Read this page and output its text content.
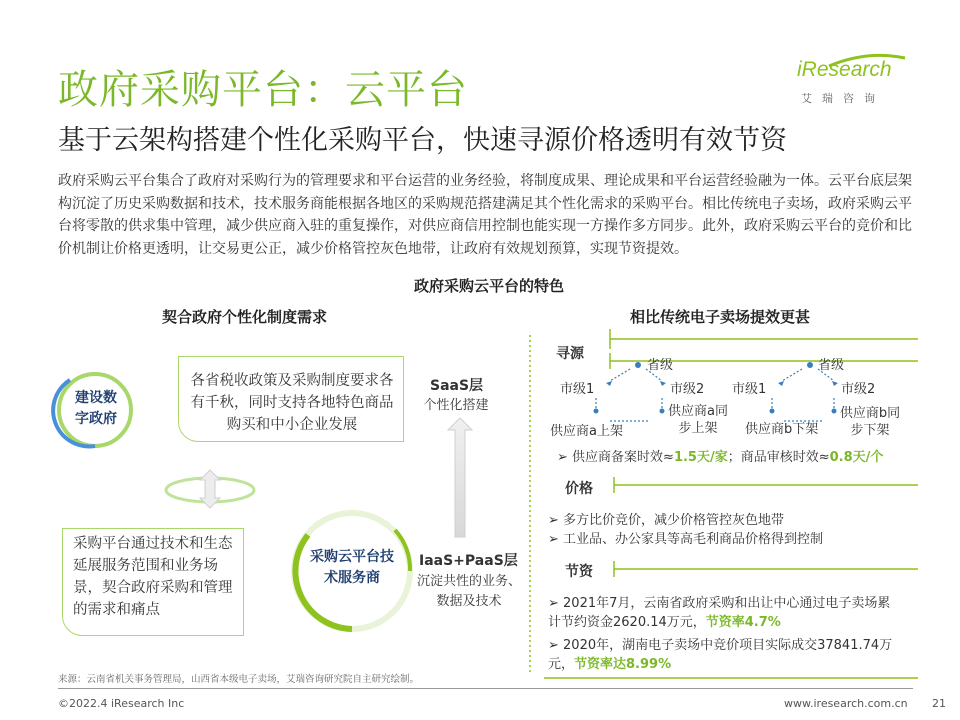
政府采购平台：云平台	iResearch
艾瑞咨询
基于云架构搭建个性化采购平台，快速寻源价格透明有效节资
政府采购云平台集合了政府对采购行为的管理要求和平台运营的业务经验，将制度成果、理论成果和平台运营经验融为一体。云平台底层架构沉淀了历史采购数据和技术，技术服务商能根据各地区的采购规范搭建满足其个性化需求的采购平台。相比传统电子卖场，政府采购云平台将零散的供求集中管理，减少供应商入驻的重复操作，对供应商信用控制也能实现一方操作多方同步。此外，政府采购云平台的竞价和比价机制让价格更透明，让交易更公正，减少价格管控灰色地带，让政府有效规划预算，实现节资提效。
政府采购云平台的特色
契合政府个性化制度需求	相比传统电子卖场提效更甚
各省税收政策及采购制度要求各有千秋，同时支持各地特色商品购买和中小企业发展
采购平台通过技术和生态延展服务范围和业务场景，契合政府采购和管理的需求和痛点
建设数字政府
采购云平台技术服务商
SaaS层
个性化搭建
IaaS+PaaS层
沉淀共性的业务、数据及技术
寻源
价格
节资
省级
市级1	市级2
供应商a上架
供应商a同步上架
省级
市级1	市级2
供应商b下架
供应商b同步下架
➢ 供应商备案时效≈1.5天/家；商品审核时效≈0.8天/个
➢ 多方比价竞价，减少价格管控灰色地带
➢ 工业品、办公家具等高毛利商品价格得到控制
➢ 2021年7月，云南省政府采购和出让中心通过电子卖场累计节约资金2620.14万元，节资率4.7%
➢ 2020年，湖南电子卖场中竞价项目实际成交37841.74万元，节资率达8.99%
来源：云南省机关事务管理局，山西省本级电子卖场，艾瑞咨询研究院自主研究绘制。
©2022.4 iResearch Inc	www.iresearch.com.cn 21
